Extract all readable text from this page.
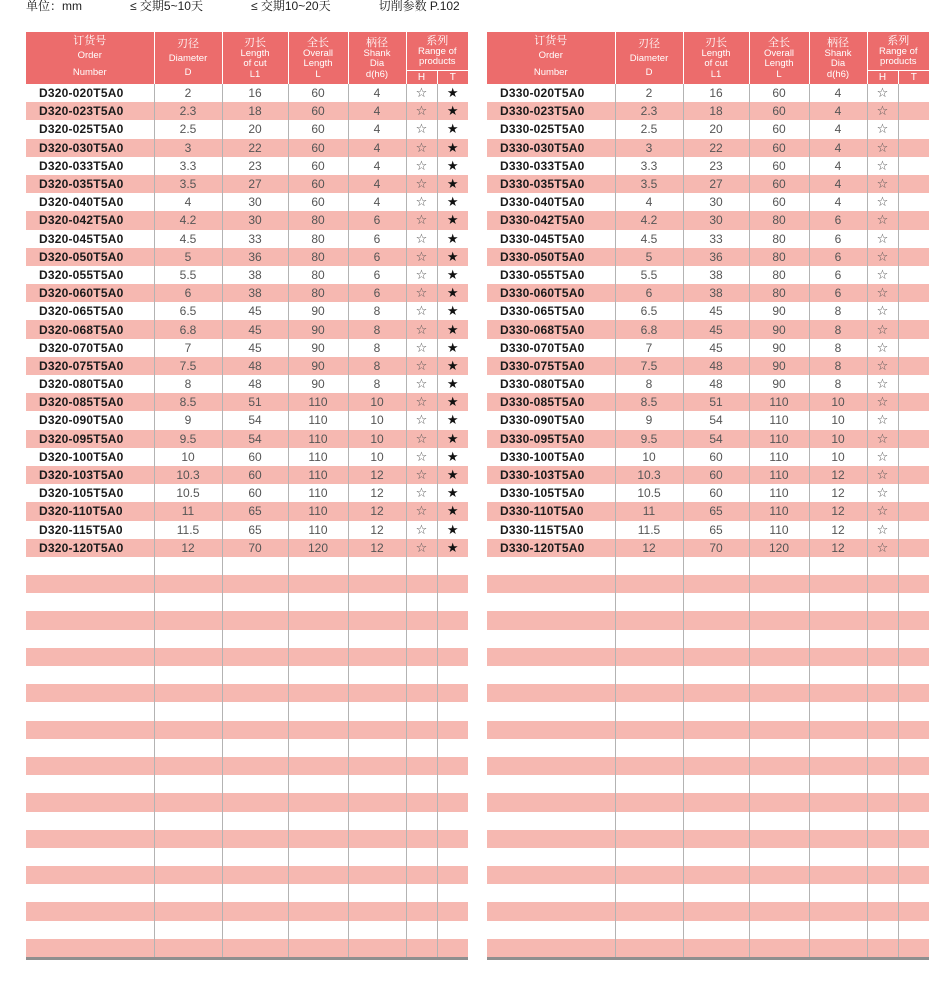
单位：mm　　　　≤ 交期5~10天　　　　≤ 交期10~20天　　　　切削参数 P.102
订货号
Order
Number	刃径
Diameter
D	刃长
Length
of cut
L1	全长
Overall
Length
L	柄径
Shank
Dia
d(h6)	系列
Range of
products	

					H	T
D320-020T5A0	2	16	60	4	☆	★
D320-023T5A0	2.3	18	60	4	☆	★
D320-025T5A0	2.5	20	60	4	☆	★
D320-030T5A0	3	22	60	4	☆	★
D320-033T5A0	3.3	23	60	4	☆	★
D320-035T5A0	3.5	27	60	4	☆	★
D320-040T5A0	4	30	60	4	☆	★
D320-042T5A0	4.2	30	80	6	☆	★
D320-045T5A0	4.5	33	80	6	☆	★
D320-050T5A0	5	36	80	6	☆	★
D320-055T5A0	5.5	38	80	6	☆	★
D320-060T5A0	6	38	80	6	☆	★
D320-065T5A0	6.5	45	90	8	☆	★
D320-068T5A0	6.8	45	90	8	☆	★
D320-070T5A0	7	45	90	8	☆	★
D320-075T5A0	7.5	48	90	8	☆	★
D320-080T5A0	8	48	90	8	☆	★
D320-085T5A0	8.5	51	110	10	☆	★
D320-090T5A0	9	54	110	10	☆	★
D320-095T5A0	9.5	54	110	10	☆	★
D320-100T5A0	10	60	110	10	☆	★
D320-103T5A0	10.3	60	110	12	☆	★
D320-105T5A0	10.5	60	110	12	☆	★
D320-110T5A0	11	65	110	12	☆	★
D320-115T5A0	11.5	65	110	12	☆	★
D320-120T5A0	12	70	120	12	☆	★

订货号
Order
Number	刃径
Diameter
D	刃长
Length
of cut
L1	全长
Overall
Length
L	柄径
Shank
Dia
d(h6)	系列
Range of
products	

					H	T
D330-020T5A0	2	16	60	4	☆	
D330-023T5A0	2.3	18	60	4	☆	
D330-025T5A0	2.5	20	60	4	☆	
D330-030T5A0	3	22	60	4	☆	
D330-033T5A0	3.3	23	60	4	☆	
D330-035T5A0	3.5	27	60	4	☆	
D330-040T5A0	4	30	60	4	☆	
D330-042T5A0	4.2	30	80	6	☆	
D330-045T5A0	4.5	33	80	6	☆	
D330-050T5A0	5	36	80	6	☆	
D330-055T5A0	5.5	38	80	6	☆	
D330-060T5A0	6	38	80	6	☆	
D330-065T5A0	6.5	45	90	8	☆	
D330-068T5A0	6.8	45	90	8	☆	
D330-070T5A0	7	45	90	8	☆	
D330-075T5A0	7.5	48	90	8	☆	
D330-080T5A0	8	48	90	8	☆	
D330-085T5A0	8.5	51	110	10	☆	
D330-090T5A0	9	54	110	10	☆	
D330-095T5A0	9.5	54	110	10	☆	
D330-100T5A0	10	60	110	10	☆	
D330-103T5A0	10.3	60	110	12	☆	
D330-105T5A0	10.5	60	110	12	☆	
D330-110T5A0	11	65	110	12	☆	
D330-115T5A0	11.5	65	110	12	☆	
D330-120T5A0	12	70	120	12	☆	
